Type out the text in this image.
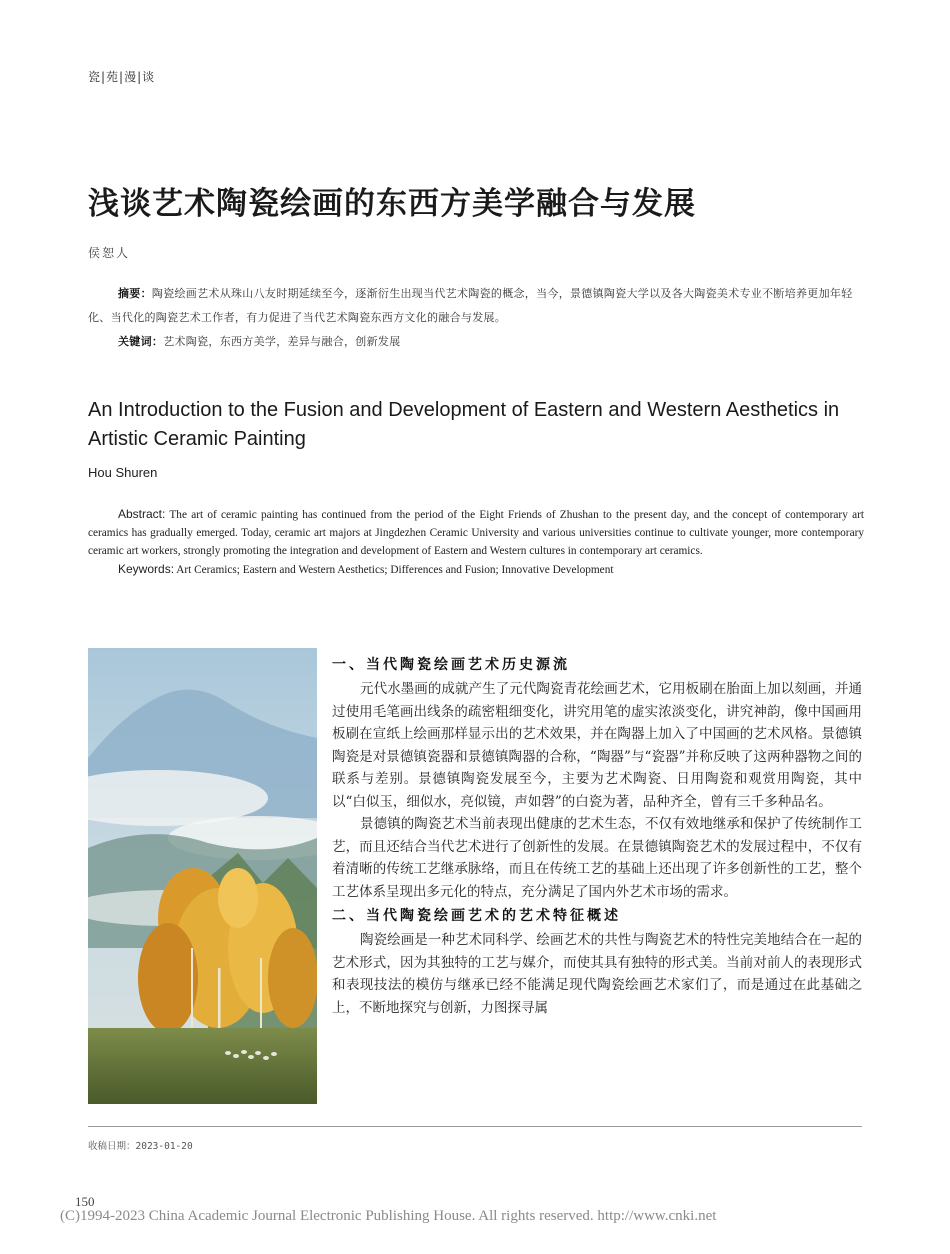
瓷|苑|漫|谈
浅谈艺术陶瓷绘画的东西方美学融合与发展
侯恕人

摘要：陶瓷绘画艺术从珠山八友时期延续至今，逐渐衍生出现当代艺术陶瓷的概念，当今，景德镇陶瓷大学以及各大陶瓷美术专业不断培养更加年轻化、当代化的陶瓷艺术工作者，有力促进了当代艺术陶瓷东西方文化的融合与发展。

关键词：艺术陶瓷，东西方美学，差异与融合，创新发展

An Introduction to the Fusion and Development of Eastern and Western Aesthetics in Artistic Ceramic Painting
Hou Shuren

Abstract: The art of ceramic painting has continued from the period of the Eight Friends of Zhushan to the present day, and the concept of contemporary art ceramics has gradually emerged. Today, ceramic art majors at Jingdezhen Ceramic University and various universities continue to cultivate younger, more contemporary ceramic art workers, strongly promoting the integration and development of Eastern and Western cultures in contemporary art ceramics.

Keywords: Art Ceramics; Eastern and Western Aesthetics; Differences and Fusion; Innovative Development

一、当代陶瓷绘画艺术历史源流

元代水墨画的成就产生了元代陶瓷青花绘画艺术，它用板刷在胎面上加以刻画，并通过使用毛笔画出线条的疏密粗细变化，讲究用笔的虚实浓淡变化，讲究神韵，像中国画用板刷在宣纸上绘画那样显示出的艺术效果，并在陶器上加入了中国画的艺术风格。景德镇陶瓷是对景德镇瓷器和景德镇陶器的合称，“陶器”与“瓷器”并称反映了这两种器物之间的联系与差别。景德镇陶瓷发展至今，主要为艺术陶瓷、日用陶瓷和观赏用陶瓷，其中以“白似玉，细似水，亮似镜，声如磬”的白瓷为著，品种齐全，曾有三千多种品名。

景德镇的陶瓷艺术当前表现出健康的艺术生态，不仅有效地继承和保护了传统制作工艺，而且还结合当代艺术进行了创新性的发展。在景德镇陶瓷艺术的发展过程中，不仅有着清晰的传统工艺继承脉络，而且在传统工艺的基础上还出现了许多创新性的工艺，整个工艺体系呈现出多元化的特点，充分满足了国内外艺术市场的需求。

二、当代陶瓷绘画艺术的艺术特征概述

陶瓷绘画是一种艺术同科学、绘画艺术的共性与陶瓷艺术的特性完美地结合在一起的艺术形式，因为其独特的工艺与媒介，而使其具有独特的形式美。当前对前人的表现形式和表现技法的模仿与继承已经不能满足现代陶瓷绘画艺术家们了，而是通过在此基础之上，不断地探究与创新，力图探寻属

收稿日期：2023-01-20
150
(C)1994-2023 China Academic Journal Electronic Publishing House. All rights reserved. http://www.cnki.net
